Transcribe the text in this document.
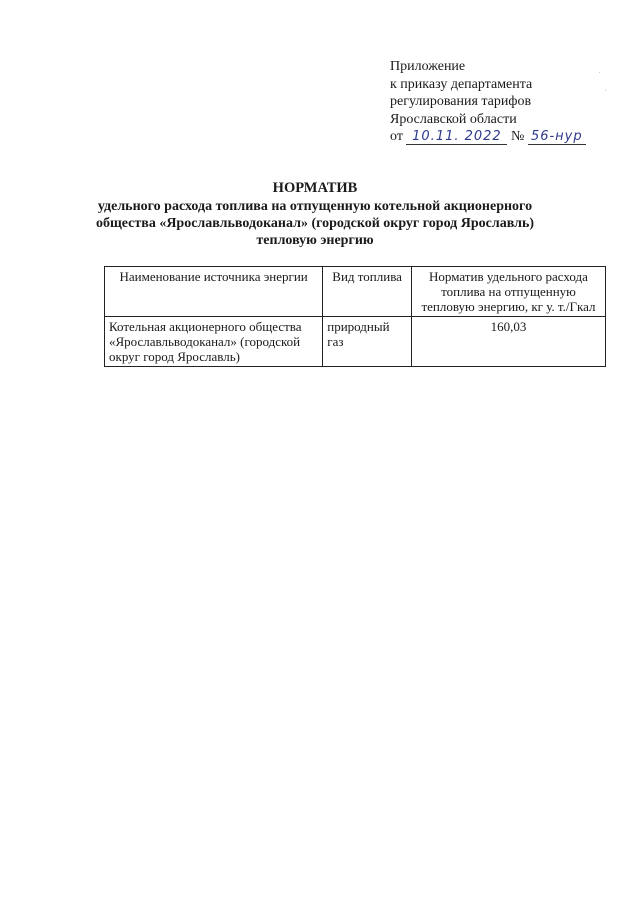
Приложение
к приказу департамента
регулирования тарифов
Ярославской области
от 10.11. 2022 № 56-нур
·
·
НОРМАТИВ
удельного расхода топлива на отпущенную котельной акционерного
общества «Ярославльводоканал» (городской округ город Ярославль)
тепловую энергию
Наименование источника энергии	Вид топлива	Норматив удельного расхода топлива на отпущенную тепловую энергию, кг у. т./Гкал
Котельная акционерного общества «Ярославльводоканал» (городской округ город Ярославль)	природный газ	160,03
